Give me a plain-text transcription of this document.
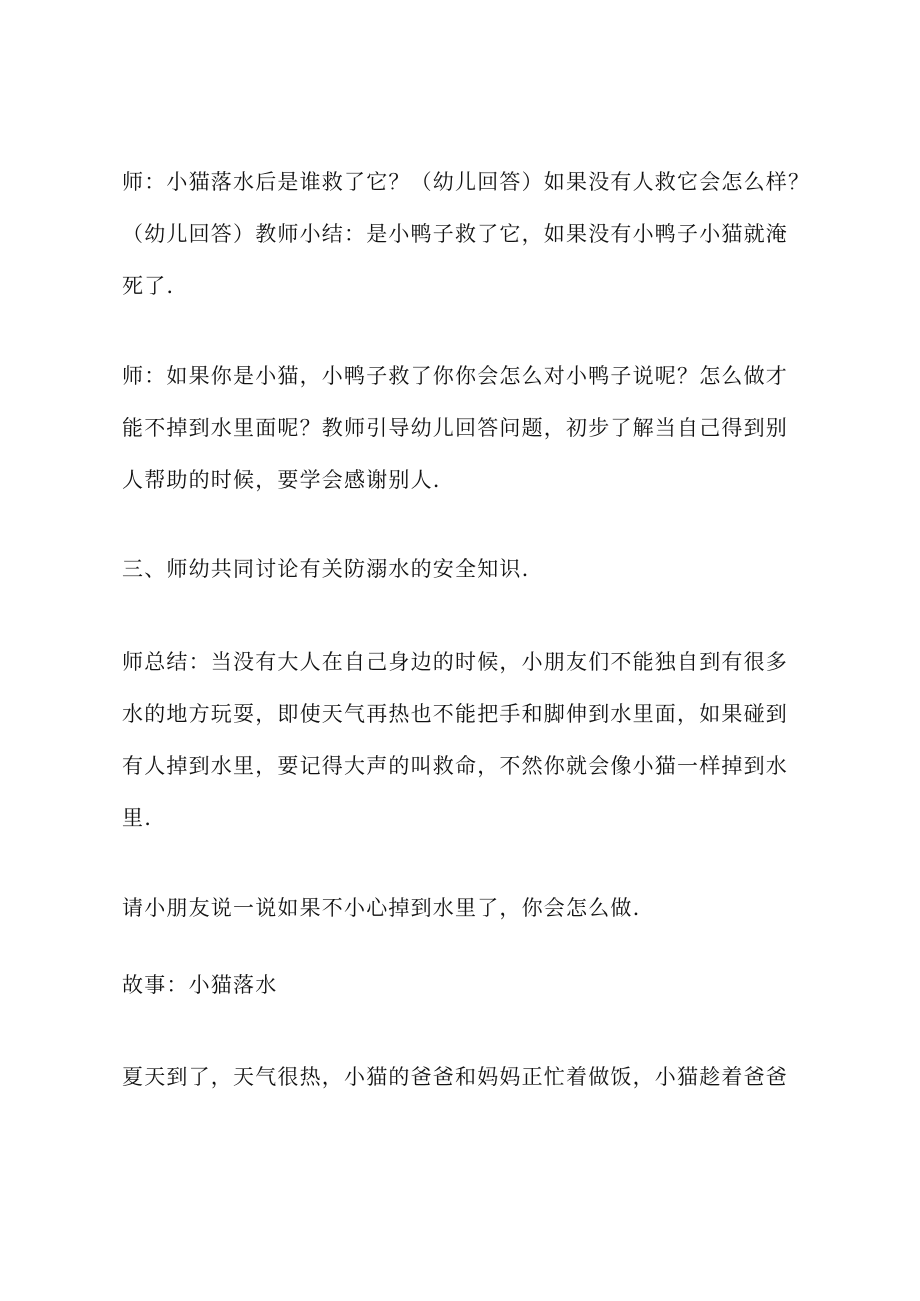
师：小猫落水后是谁救了它？（幼儿回答）如果没有人救它会怎么样？
（幼儿回答）教师小结：是小鸭子救了它，如果没有小鸭子小猫就淹
死了.

师：如果你是小猫，小鸭子救了你你会怎么对小鸭子说呢？怎么做才
能不掉到水里面呢？教师引导幼儿回答问题，初步了解当自己得到别
人帮助的时候，要学会感谢别人.

三、师幼共同讨论有关防溺水的安全知识.

师总结：当没有大人在自己身边的时候，小朋友们不能独自到有很多
水的地方玩耍，即使天气再热也不能把手和脚伸到水里面，如果碰到
有人掉到水里，要记得大声的叫救命，不然你就会像小猫一样掉到水
里.

请小朋友说一说如果不小心掉到水里了，你会怎么做.

故事：小猫落水

夏天到了，天气很热，小猫的爸爸和妈妈正忙着做饭，小猫趁着爸爸
